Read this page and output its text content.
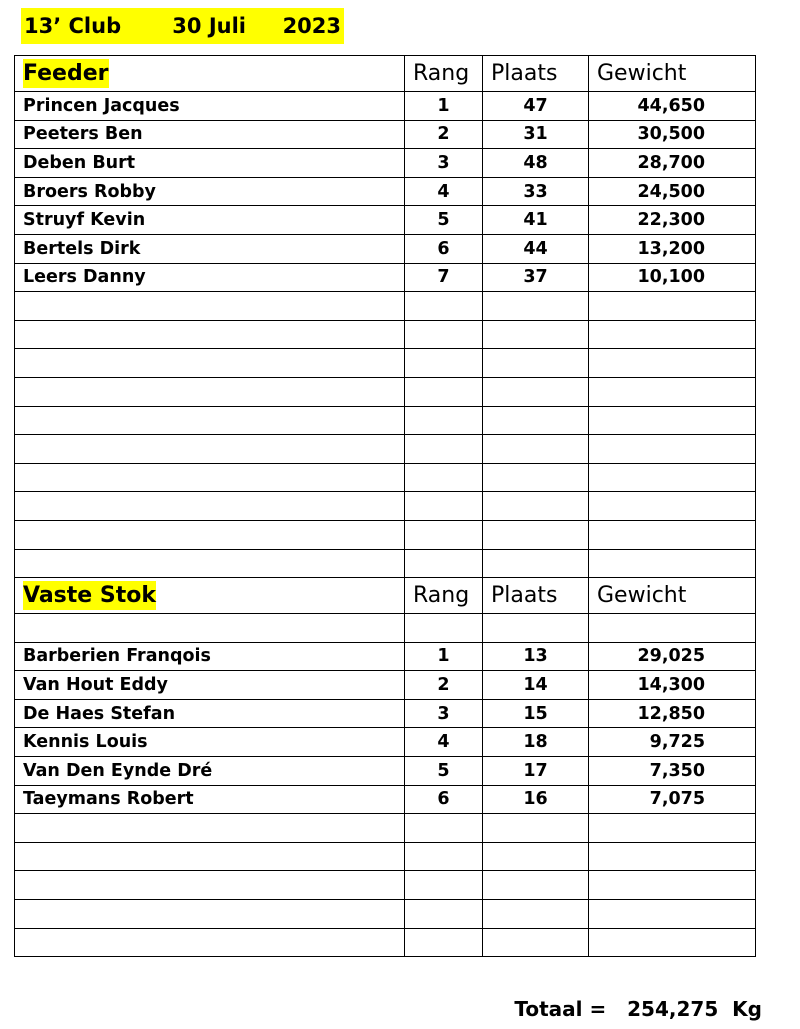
13’ Club 30 Juli 2023
Feeder	Rang	Plaats	Gewicht
Princen Jacques	1	47	44,650
Peeters Ben	2	31	30,500
Deben Burt	3	48	28,700
Broers Robby	4	33	24,500
Struyf Kevin	5	41	22,300
Bertels Dirk	6	44	13,200
Leers Danny	7	37	10,100

Vaste Stok	Rang	Plaats	Gewicht

Barberien Franqois	1	13	29,025
Van Hout Eddy	2	14	14,300
De Haes Stefan	3	15	12,850
Kennis Louis	4	18	9,725
Van Den Eynde Dré	5	17	7,350
Taeymans Robert	6	16	7,075

Totaal = 254,275 Kg
